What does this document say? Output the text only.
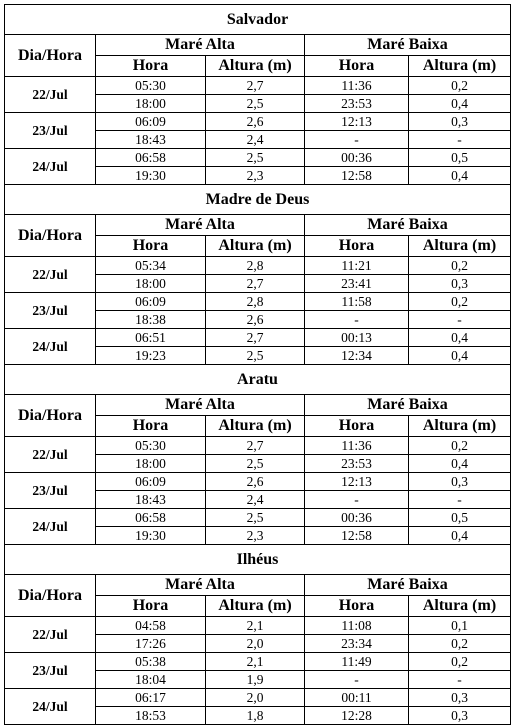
Salvador				
Dia/Hora	Maré Alta		Maré Baixa	
	Hora	Altura (m)	Hora	Altura (m)
22/Jul	05:30	2,7	11:36	0,2
	18:00	2,5	23:53	0,4
23/Jul	06:09	2,6	12:13	0,3
	18:43	2,4	-	-
24/Jul	06:58	2,5	00:36	0,5
	19:30	2,3	12:58	0,4
Madre de Deus				
Dia/Hora	Maré Alta		Maré Baixa	
	Hora	Altura (m)	Hora	Altura (m)
22/Jul	05:34	2,8	11:21	0,2
	18:00	2,7	23:41	0,3
23/Jul	06:09	2,8	11:58	0,2
	18:38	2,6	-	-
24/Jul	06:51	2,7	00:13	0,4
	19:23	2,5	12:34	0,4
Aratu				
Dia/Hora	Maré Alta		Maré Baixa	
	Hora	Altura (m)	Hora	Altura (m)
22/Jul	05:30	2,7	11:36	0,2
	18:00	2,5	23:53	0,4
23/Jul	06:09	2,6	12:13	0,3
	18:43	2,4	-	-
24/Jul	06:58	2,5	00:36	0,5
	19:30	2,3	12:58	0,4
Ilhéus				
Dia/Hora	Maré Alta		Maré Baixa	
	Hora	Altura (m)	Hora	Altura (m)
22/Jul	04:58	2,1	11:08	0,1
	17:26	2,0	23:34	0,2
23/Jul	05:38	2,1	11:49	0,2
	18:04	1,9	-	-
24/Jul	06:17	2,0	00:11	0,3
	18:53	1,8	12:28	0,3
